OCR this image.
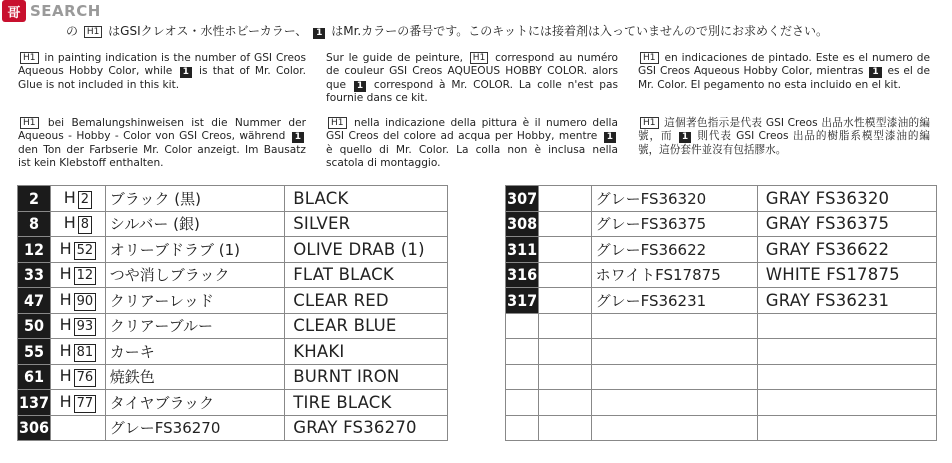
哥 SEARCH
の H1 はGSIクレオス・水性ホビーカラー、 1 はMr.カラーの番号です。このキットには接着剤は入っていませんので別にお求めください。
H1 in painting indication is the number of GSI Creos Aqueous Hobby Color, while 1 is that of Mr. Color. Glue is not included in this kit.
Sur le guide de peinture, H1 correspond au numéro de couleur GSI Creos AQUEOUS HOBBY COLOR. alors que 1 correspond à Mr. COLOR. La colle n'est pas fournie dans ce kit.
H1 en indicaciones de pintado. Este es el numero de GSI Creos Aqueous Hobby Color, mientras 1 es el de Mr. Color. El pegamento no esta incluido en el kit.
H1 bei Bemalungshinweisen ist die Nummer der Aqueous - Hobby - Color von GSI Creos, während 1 den Ton der Farbserie Mr. Color anzeigt. Im Bausatz ist kein Klebstoff enthalten.
H1 nella indicazione della pittura è il numero della GSI Creos del colore ad acqua per Hobby, mentre 1 è quello di Mr. Color. La colla non è inclusa nella scatola di montaggio.
H1 這個著色指示是代表 GSI Creos 出品水性模型漆油的編號，而 1 則代表 GSI Creos 出品的樹脂系模型漆油的編號，這份套件並沒有包括膠水。
2	H 2	ブラック (黒)	BLACK
8	H 8	シルバー (銀)	SILVER
12	H 52	オリーブドラブ (1)	OLIVE DRAB (1)
33	H 12	つや消しブラック	FLAT BLACK
47	H 90	クリアーレッド	CLEAR RED
50	H 93	クリアーブルー	CLEAR BLUE
55	H 81	カーキ	KHAKI
61	H 76	焼鉄色	BURNT IRON
137	H 77	タイヤブラック	TIRE BLACK
306		グレーFS36270	GRAY FS36270
307		グレーFS36320	GRAY FS36320
308		グレーFS36375	GRAY FS36375
311		グレーFS36622	GRAY FS36622
316		ホワイトFS17875	WHITE FS17875
317		グレーFS36231	GRAY FS36231
